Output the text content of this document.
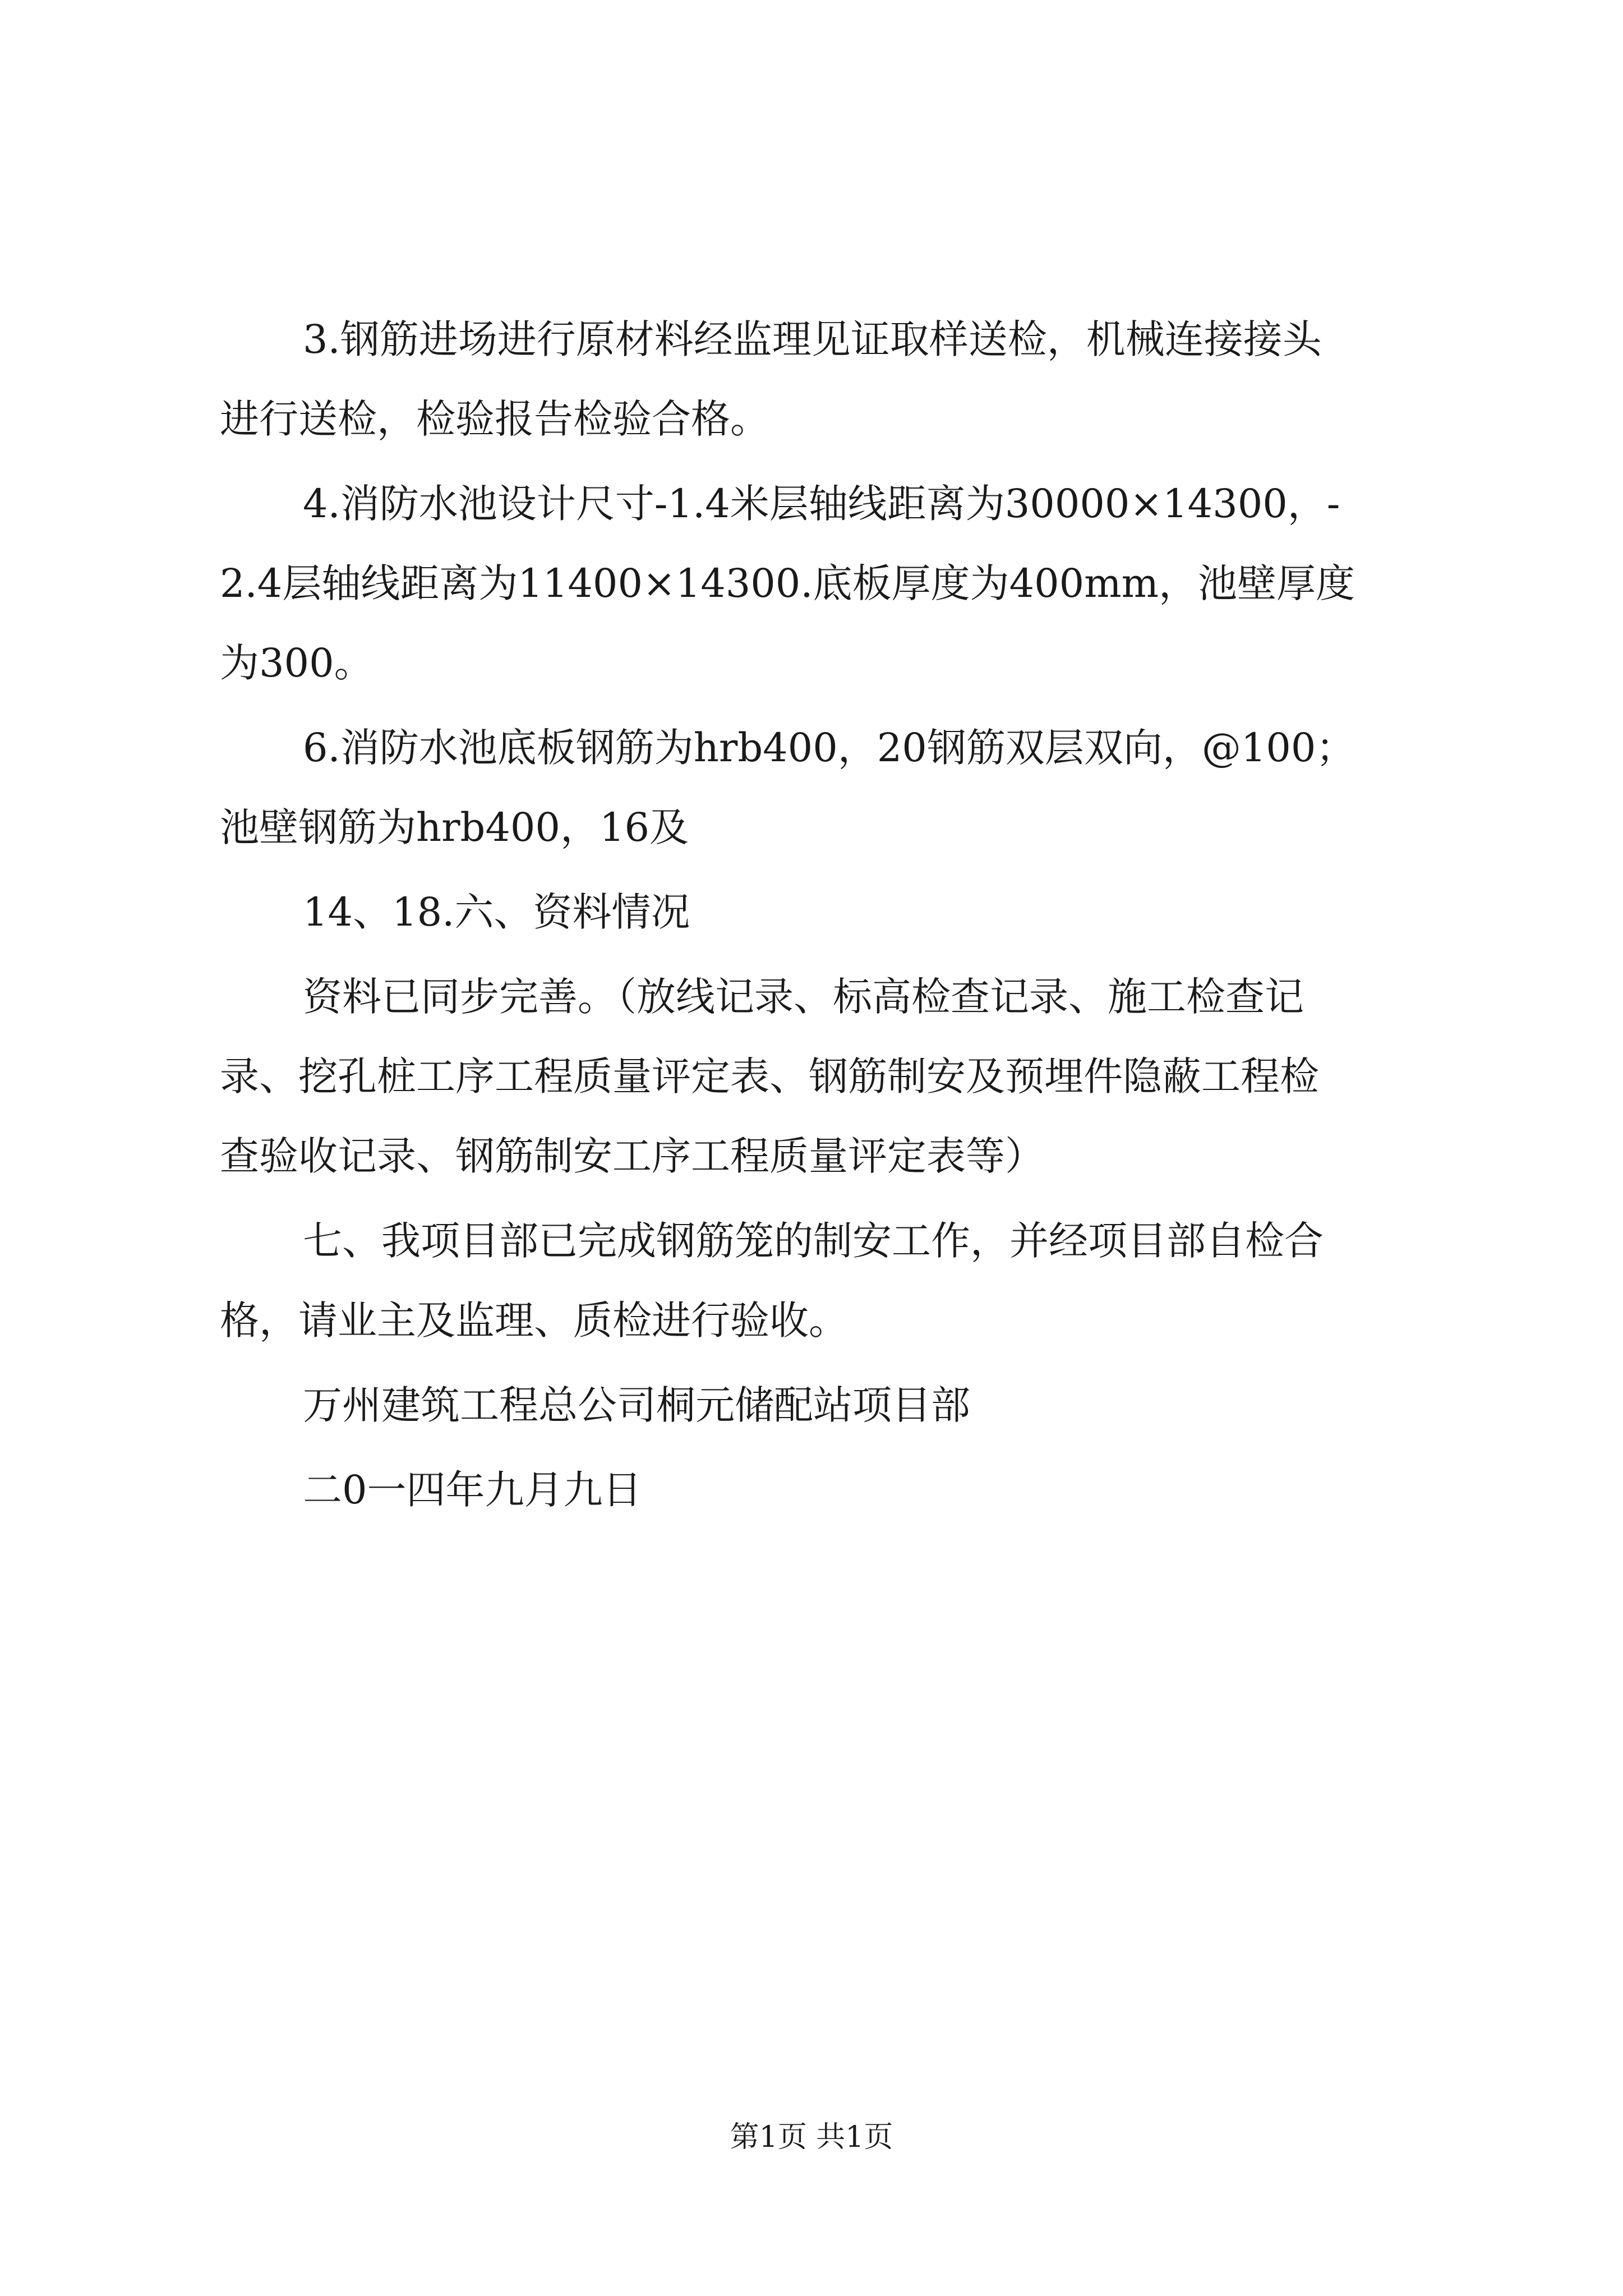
3.钢筋进场进行原材料经监理见证取样送检，机械连接接头
进行送检，检验报告检验合格。
4.消防水池设计尺寸-1.4米层轴线距离为30000×14300，-
2.4层轴线距离为11400×14300.底板厚度为400mm，池壁厚度
为300。
6.消防水池底板钢筋为hrb400，20钢筋双层双向，@100；
池壁钢筋为hrb400，16及
14、18.六、资料情况
资料已同步完善。（放线记录、标高检查记录、施工检查记
录、挖孔桩工序工程质量评定表、钢筋制安及预埋件隐蔽工程检
查验收记录、钢筋制安工序工程质量评定表等）
七、我项目部已完成钢筋笼的制安工作，并经项目部自检合
格，请业主及监理、质检进行验收。
万州建筑工程总公司桐元储配站项目部
二0一四年九月九日
第1页 共1页
